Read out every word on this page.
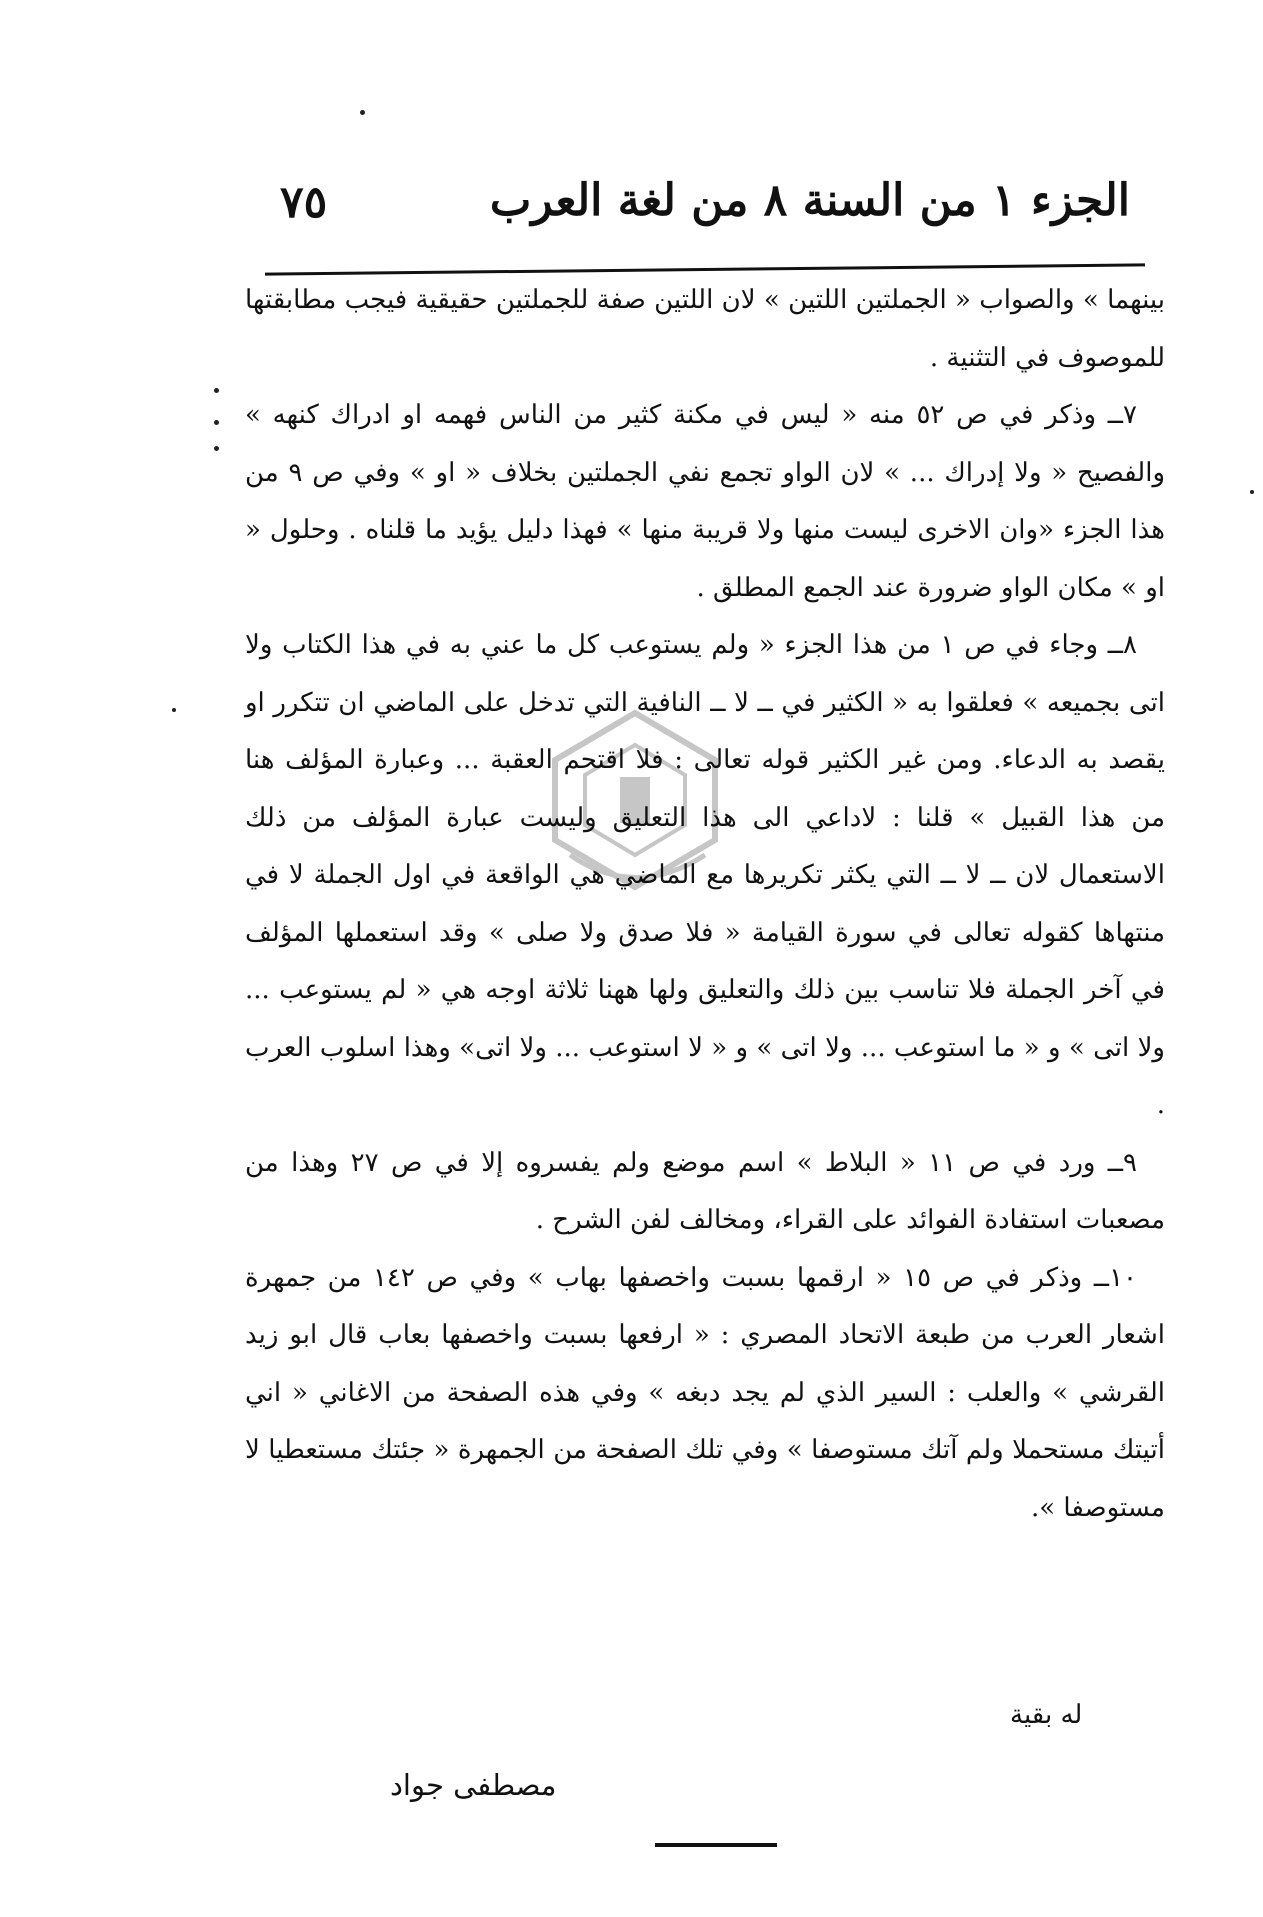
الجزء ١ من السنة ٨ من لغة العرب
٧٥

بينهما » والصواب « الجملتين اللتين » لان اللتين صفة للجملتين حقيقية فيجب مطابقتها للموصوف في التثنية .

٧ــ وذكر في ص ٥٢ منه « ليس في مكنة كثير من الناس فهمه او ادراك كنهه » والفصيح « ولا إدراك ... » لان الواو تجمع نفي الجملتين بخلاف « او » وفي ص ٩ من هذا الجزء «وان الاخرى ليست منها ولا قريبة منها » فهذا دليل يؤيد ما قلناه . وحلول « او » مكان الواو ضرورة عند الجمع المطلق .

٨ــ وجاء في ص ١ من هذا الجزء « ولم يستوعب كل ما عني به في هذا الكتاب ولا اتى بجميعه » فعلقوا به « الكثير في ــ لا ــ النافية التي تدخل على الماضي ان تتكرر او يقصد به الدعاء. ومن غير الكثير قوله تعالى : فلا اقتحم العقبة ... وعبارة المؤلف هنا من هذا القبيل » قلنا : لاداعي الى هذا التعليق وليست عبارة المؤلف من ذلك الاستعمال لان ــ لا ــ التي يكثر تكريرها مع الماضي هي الواقعة في اول الجملة لا في منتهاها كقوله تعالى في سورة القيامة « فلا صدق ولا صلى » وقد استعملها المؤلف في آخر الجملة فلا تناسب بين ذلك والتعليق ولها ههنا ثلاثة اوجه هي « لم يستوعب ... ولا اتى » و « ما استوعب ... ولا اتى » و « لا استوعب ... ولا اتى» وهذا اسلوب العرب .

٩ــ ورد في ص ١١ « البلاط » اسم موضع ولم يفسروه إلا في ص ٢٧ وهذا من مصعبات استفادة الفوائد على القراء، ومخالف لفن الشرح .

١٠ــ وذكر في ص ١٥ « ارقمها بسبت واخصفها بهاب » وفي ص ١٤٢ من جمهرة اشعار العرب من طبعة الاتحاد المصري : « ارفعها بسبت واخصفها بعاب قال ابو زيد القرشي » والعلب : السير الذي لم يجد دبغه » وفي هذه الصفحة من الاغاني « اني أتيتك مستحملا ولم آتك مستوصفا » وفي تلك الصفحة من الجمهرة « جئتك مستعطيا لا مستوصفا ».

له بقية
مصطفى جواد
